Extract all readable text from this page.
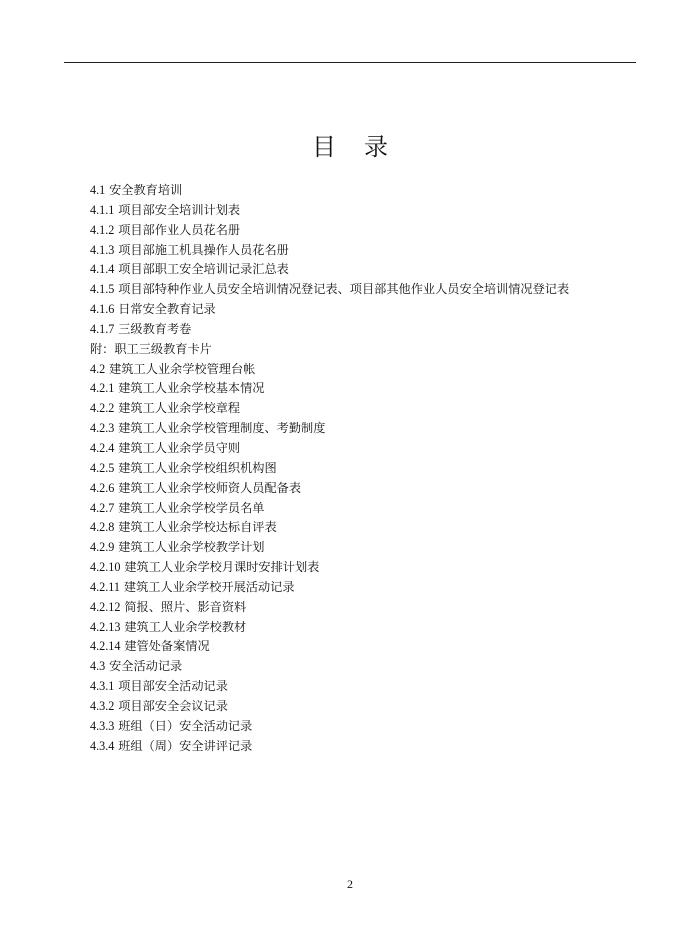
目录
4.1 安全教育培训
4.1.1 项目部安全培训计划表
4.1.2 项目部作业人员花名册
4.1.3 项目部施工机具操作人员花名册
4.1.4 项目部职工安全培训记录汇总表
4.1.5 项目部特种作业人员安全培训情况登记表、项目部其他作业人员安全培训情况登记表
4.1.6 日常安全教育记录
4.1.7 三级教育考卷
附：职工三级教育卡片
4.2 建筑工人业余学校管理台帐
4.2.1 建筑工人业余学校基本情况
4.2.2 建筑工人业余学校章程
4.2.3 建筑工人业余学校管理制度、考勤制度
4.2.4 建筑工人业余学员守则
4.2.5 建筑工人业余学校组织机构图
4.2.6 建筑工人业余学校师资人员配备表
4.2.7 建筑工人业余学校学员名单
4.2.8 建筑工人业余学校达标自评表
4.2.9 建筑工人业余学校教学计划
4.2.10 建筑工人业余学校月课时安排计划表
4.2.11 建筑工人业余学校开展活动记录
4.2.12 简报、照片、影音资料
4.2.13 建筑工人业余学校教材
4.2.14 建管处备案情况
4.3 安全活动记录
4.3.1 项目部安全活动记录
4.3.2 项目部安全会议记录
4.3.3 班组（日）安全活动记录
4.3.4 班组（周）安全讲评记录
2
